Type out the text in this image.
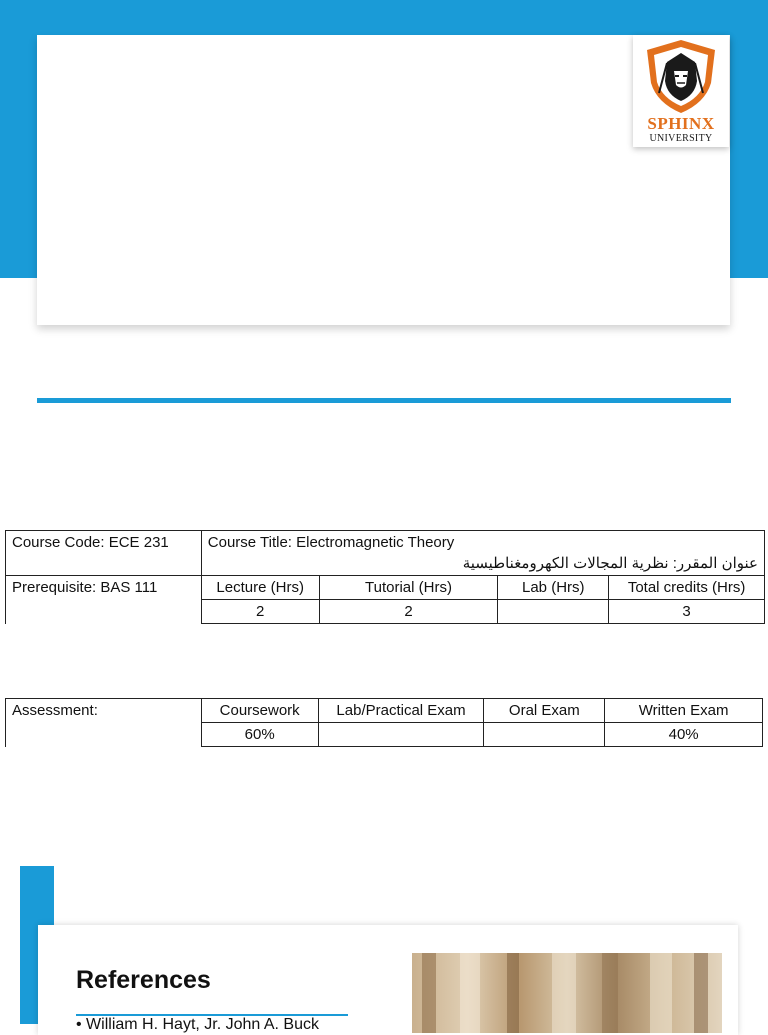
SPHINX
UNIVERSITY
Course Code: ECE 231	Course Title: Electromagnetic Theory
عنوان المقرر: نظرية المجالات الكهرومغناطيسية			

Prerequisite: BAS 111	Lecture (Hrs)	Tutorial (Hrs)	Lab (Hrs)	Total credits (Hrs)
	2	2		3
Assessment:	Coursework	Lab/Practical Exam	Oral Exam	Written Exam
	60%			40%
References
• William H. Hayt, Jr. John A. Buck
